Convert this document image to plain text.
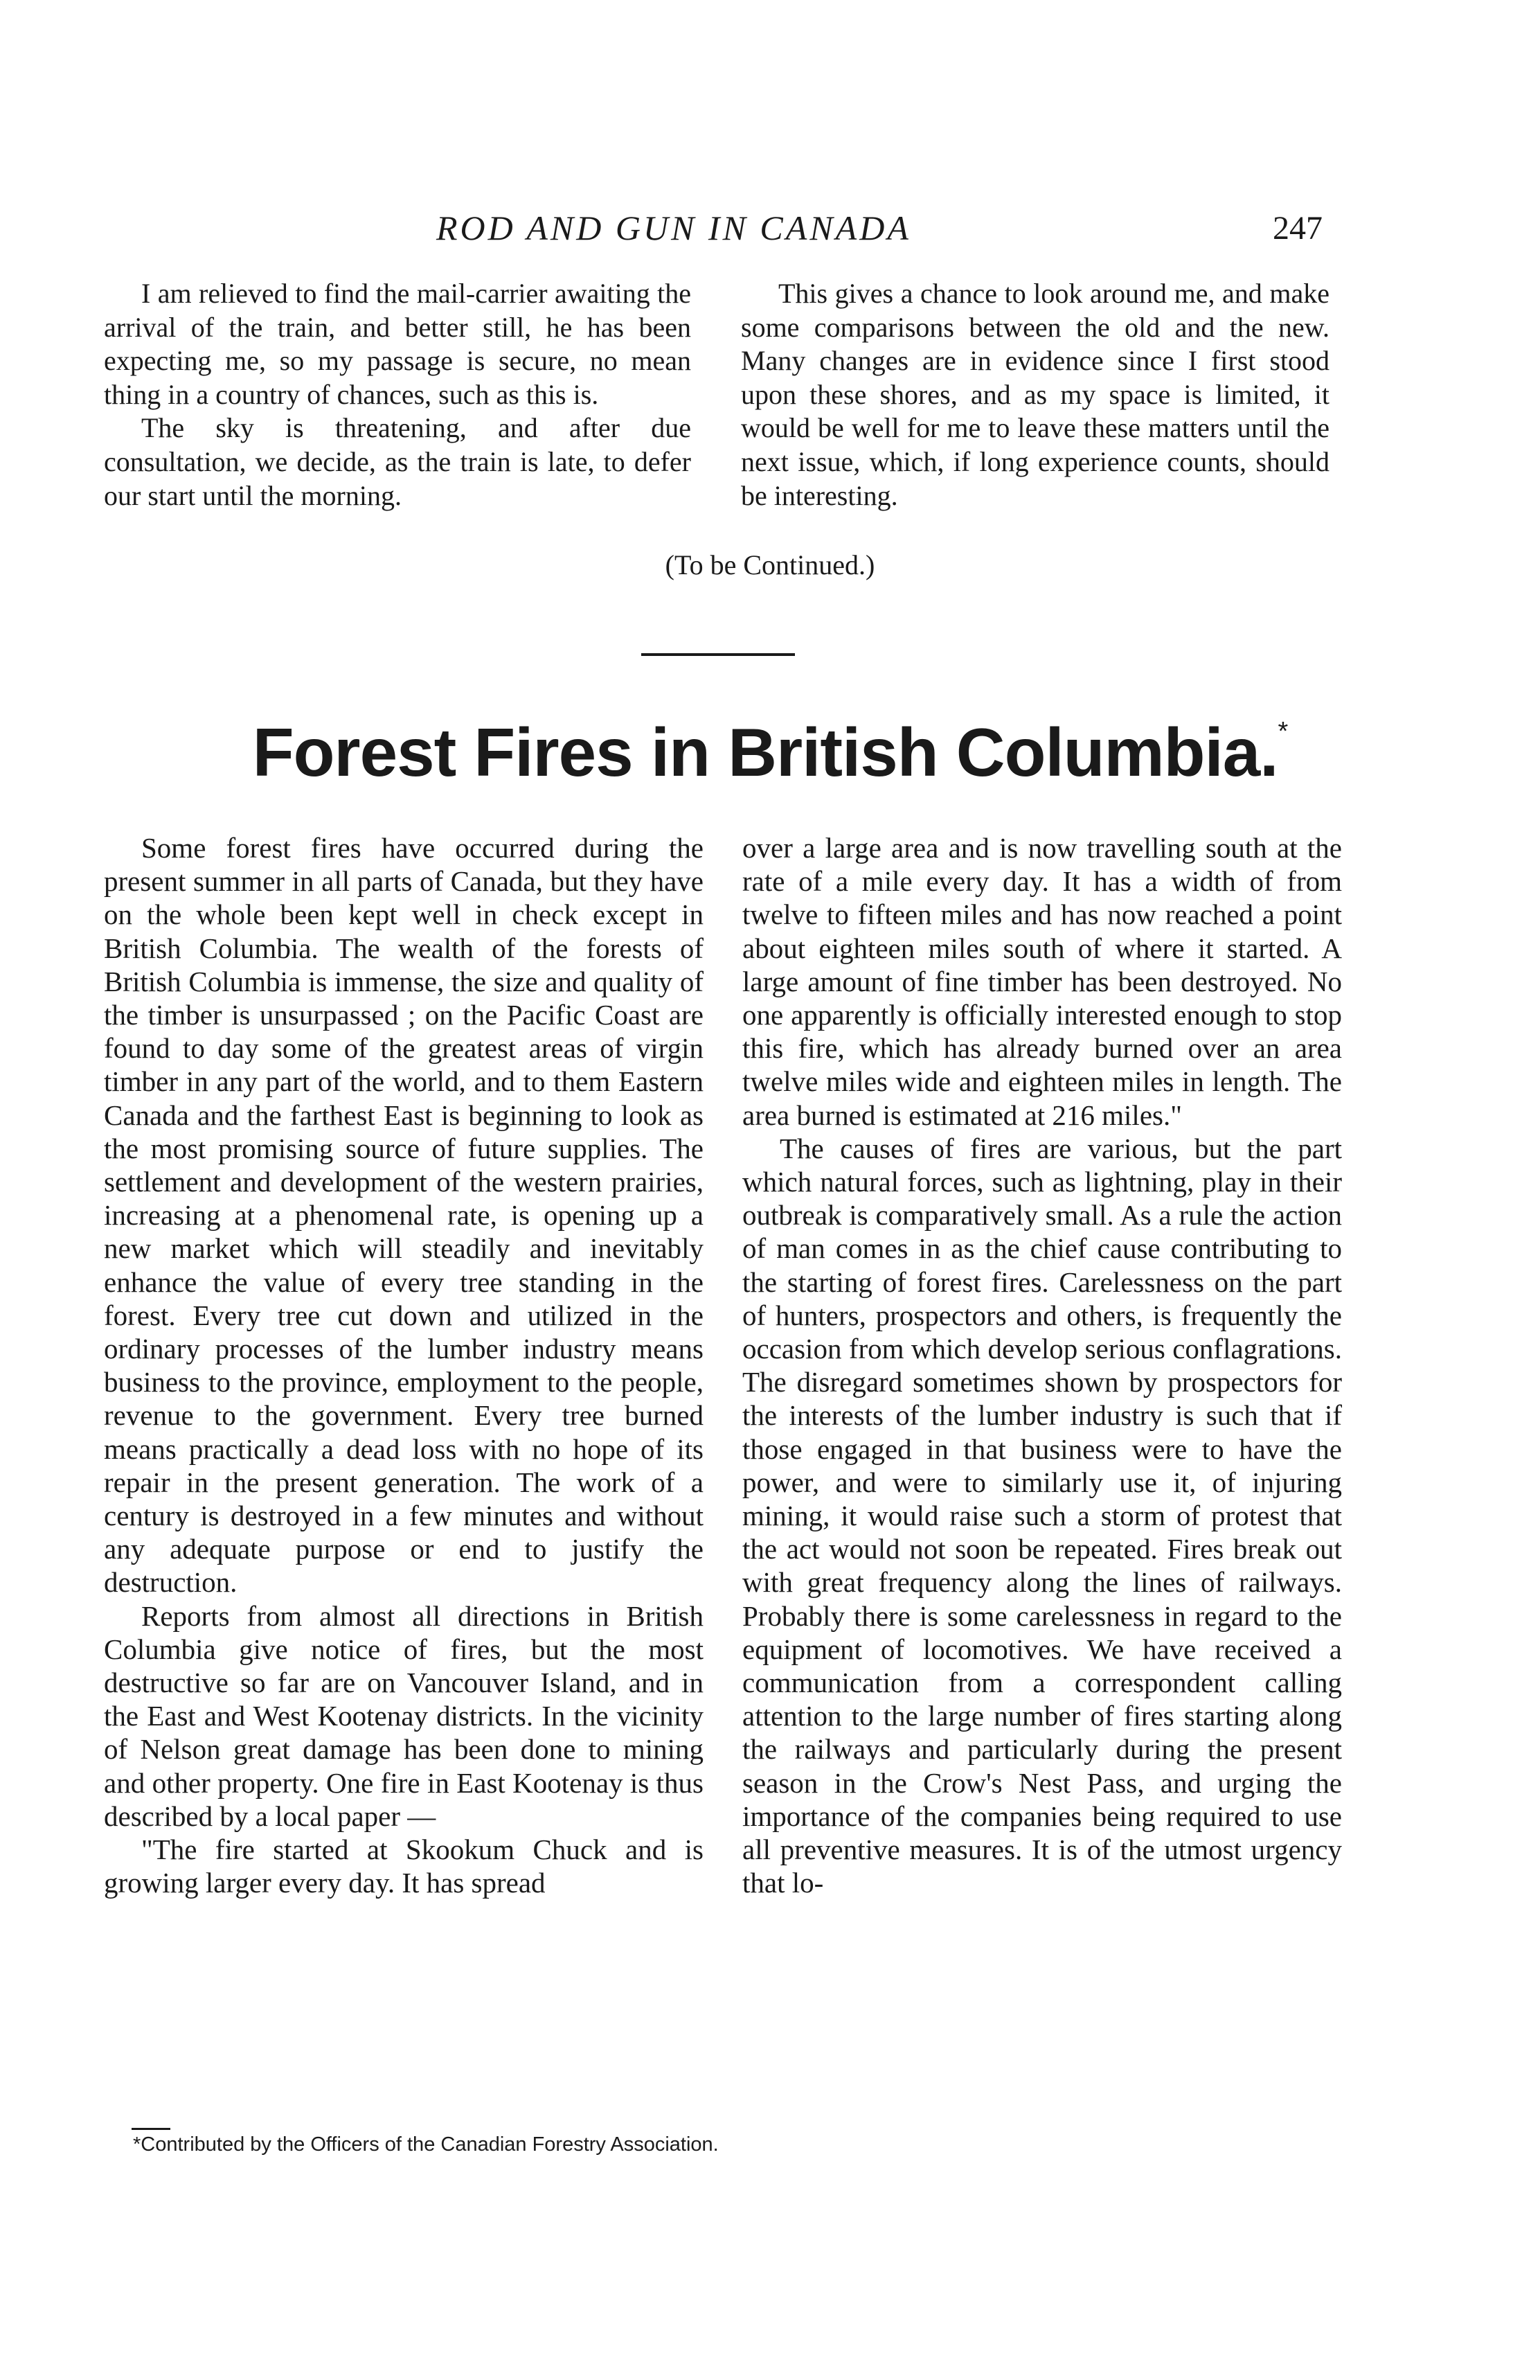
ROD AND GUN IN CANADA	247

I am relieved to find the mail-carrier awaiting the arrival of the train, and better still, he has been expecting me, so my passage is secure, no mean thing in a country of chances, such as this is.

The sky is threatening, and after due consultation, we decide, as the train is late, to defer our start until the morning.

This gives a chance to look around me, and make some comparisons between the old and the new. Many changes are in evidence since I first stood upon these shores, and as my space is limited, it would be well for me to leave these matters until the next issue, which, if long experience counts, should be interesting.

(To be Continued.)
Forest Fires in British Columbia.*

Some forest fires have occurred during the present summer in all parts of Canada, but they have on the whole been kept well in check except in British Columbia. The wealth of the forests of British Columbia is immense, the size and quality of the timber is unsurpassed ; on the Pacific Coast are found to day some of the greatest areas of virgin timber in any part of the world, and to them Eastern Canada and the farthest East is beginning to look as the most promising source of future supplies. The settlement and development of the western prairies, increasing at a phenomenal rate, is opening up a new market which will steadily and inevitably enhance the value of every tree standing in the forest. Every tree cut down and utilized in the ordinary processes of the lumber industry means business to the province, employment to the people, revenue to the government. Every tree burned means practically a dead loss with no hope of its repair in the present generation. The work of a century is destroyed in a few minutes and without any adequate purpose or end to justify the destruction.

Reports from almost all directions in British Columbia give notice of fires, but the most destructive so far are on Vancouver Island, and in the East and West Kootenay districts. In the vicinity of Nelson great damage has been done to mining and other property. One fire in East Kootenay is thus described by a local paper —

"The fire started at Skookum Chuck and is growing larger every day. It has spread

over a large area and is now travelling south at the rate of a mile every day. It has a width of from twelve to fifteen miles and has now reached a point about eighteen miles south of where it started. A large amount of fine timber has been destroyed. No one apparently is officially interested enough to stop this fire, which has already burned over an area twelve miles wide and eighteen miles in length. The area burned is estimated at 216 miles."

The causes of fires are various, but the part which natural forces, such as lightning, play in their outbreak is comparatively small. As a rule the action of man comes in as the chief cause contributing to the starting of forest fires. Carelessness on the part of hunters, prospectors and others, is frequently the occasion from which develop serious conflagrations. The disregard sometimes shown by prospectors for the interests of the lumber industry is such that if those engaged in that business were to have the power, and were to similarly use it, of injuring mining, it would raise such a storm of protest that the act would not soon be repeated. Fires break out with great frequency along the lines of railways. Probably there is some carelessness in regard to the equipment of locomotives. We have received a communication from a correspondent calling attention to the large number of fires starting along the railways and particularly during the present season in the Crow's Nest Pass, and urging the importance of the companies being required to use all preventive measures. It is of the utmost urgency that lo-

*Contributed by the Officers of the Canadian Forestry Association.
